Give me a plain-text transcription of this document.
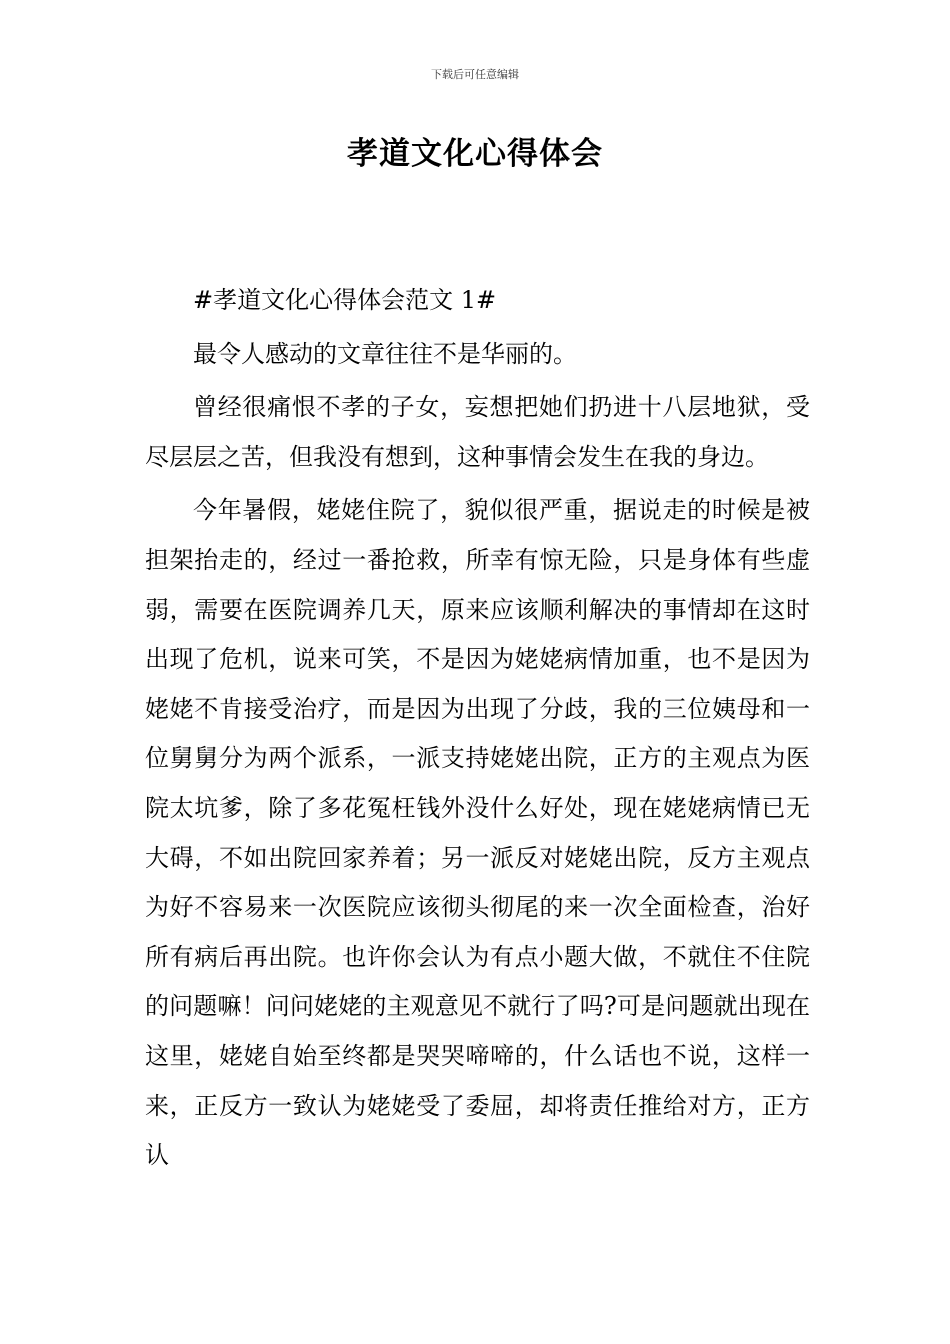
下载后可任意编辑
孝道文化心得体会

#孝道文化心得体会范文 1#

最令人感动的文章往往不是华丽的。

曾经很痛恨不孝的子女，妄想把她们扔进十八层地狱，受尽层层之苦，但我没有想到，这种事情会发生在我的身边。

今年暑假，姥姥住院了，貌似很严重，据说走的时候是被担架抬走的，经过一番抢救，所幸有惊无险，只是身体有些虚弱，需要在医院调养几天，原来应该顺利解决的事情却在这时出现了危机，说来可笑，不是因为姥姥病情加重，也不是因为姥姥不肯接受治疗，而是因为出现了分歧，我的三位姨母和一位舅舅分为两个派系，一派支持姥姥出院，正方的主观点为医院太坑爹，除了多花冤枉钱外没什么好处，现在姥姥病情已无大碍，不如出院回家养着；另一派反对姥姥出院，反方主观点为好不容易来一次医院应该彻头彻尾的来一次全面检查，治好所有病后再出院。也许你会认为有点小题大做，不就住不住院的问题嘛！问问姥姥的主观意见不就行了吗?可是问题就出现在这里，姥姥自始至终都是哭哭啼啼的，什么话也不说，这样一来，正反方一致认为姥姥受了委屈，却将责任推给对方，正方认
